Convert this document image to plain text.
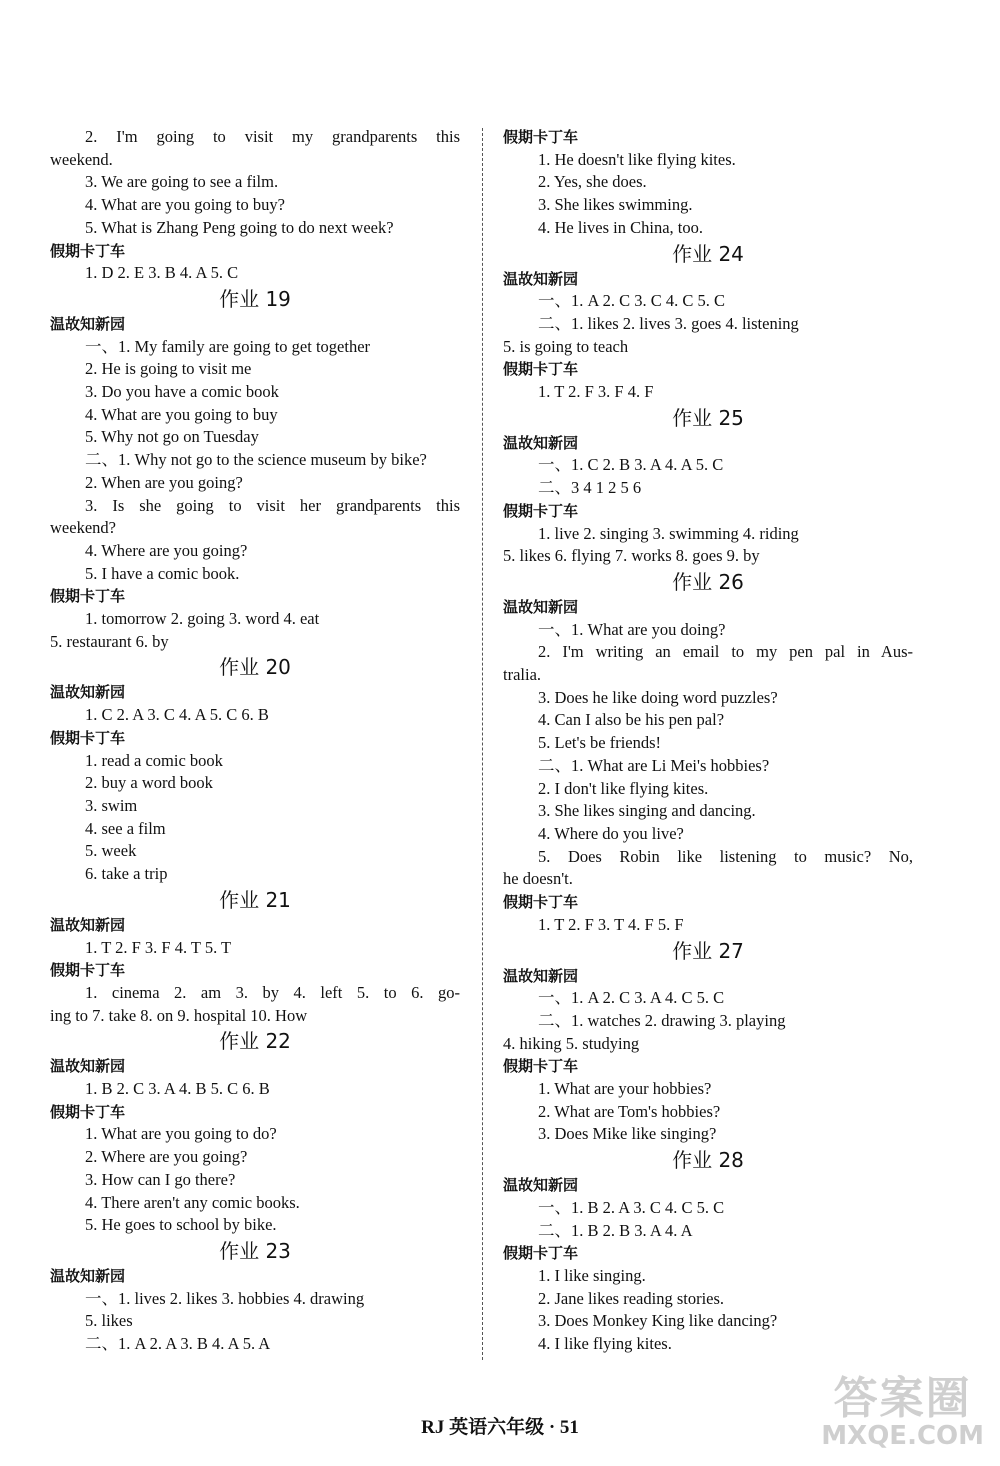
2. I'm going to visit my grandparents this
weekend.
3. We are going to see a film.
4. What are you going to buy?
5. What is Zhang Peng going to do next week?
假期卡丁车
1. D 2. E 3. B 4. A 5. C
作业 19
温故知新园
一、1. My family are going to get together
2. He is going to visit me
3. Do you have a comic book
4. What are you going to buy
5. Why not go on Tuesday
二、1. Why not go to the science museum by bike?
2. When are you going?
3. Is she going to visit her grandparents this
weekend?
4. Where are you going?
5. I have a comic book.
假期卡丁车
1. tomorrow 2. going 3. word 4. eat
5. restaurant 6. by
作业 20
温故知新园
1. C 2. A 3. C 4. A 5. C 6. B
假期卡丁车
1. read a comic book
2. buy a word book
3. swim
4. see a film
5. week
6. take a trip
作业 21
温故知新园
1. T 2. F 3. F 4. T 5. T
假期卡丁车
1. cinema 2. am 3. by 4. left 5. to 6. go-
ing to 7. take 8. on 9. hospital 10. How
作业 22
温故知新园
1. B 2. C 3. A 4. B 5. C 6. B
假期卡丁车
1. What are you going to do?
2. Where are you going?
3. How can I go there?
4. There aren't any comic books.
5. He goes to school by bike.
作业 23
温故知新园
一、1. lives 2. likes 3. hobbies 4. drawing
5. likes
二、1. A 2. A 3. B 4. A 5. A
假期卡丁车
1. He doesn't like flying kites.
2. Yes, she does.
3. She likes swimming.
4. He lives in China, too.
作业 24
温故知新园
一、1. A 2. C 3. C 4. C 5. C
二、1. likes 2. lives 3. goes 4. listening
5. is going to teach
假期卡丁车
1. T 2. F 3. F 4. F
作业 25
温故知新园
一、1. C 2. B 3. A 4. A 5. C
二、3 4 1 2 5 6
假期卡丁车
1. live 2. singing 3. swimming 4. riding
5. likes 6. flying 7. works 8. goes 9. by
作业 26
温故知新园
一、1. What are you doing?
2. I'm writing an email to my pen pal in Aus-
tralia.
3. Does he like doing word puzzles?
4. Can I also be his pen pal?
5. Let's be friends!
二、1. What are Li Mei's hobbies?
2. I don't like flying kites.
3. She likes singing and dancing.
4. Where do you live?
5. Does Robin like listening to music? No,
he doesn't.
假期卡丁车
1. T 2. F 3. T 4. F 5. F
作业 27
温故知新园
一、1. A 2. C 3. A 4. C 5. C
二、1. watches 2. drawing 3. playing
4. hiking 5. studying
假期卡丁车
1. What are your hobbies?
2. What are Tom's hobbies?
3. Does Mike like singing?
作业 28
温故知新园
一、1. B 2. A 3. C 4. C 5. C
二、1. B 2. B 3. A 4. A
假期卡丁车
1. I like singing.
2. Jane likes reading stories.
3. Does Monkey King like dancing?
4. I like flying kites.
RJ 英语六年级 · 51
答案圈
MXQE.COM
